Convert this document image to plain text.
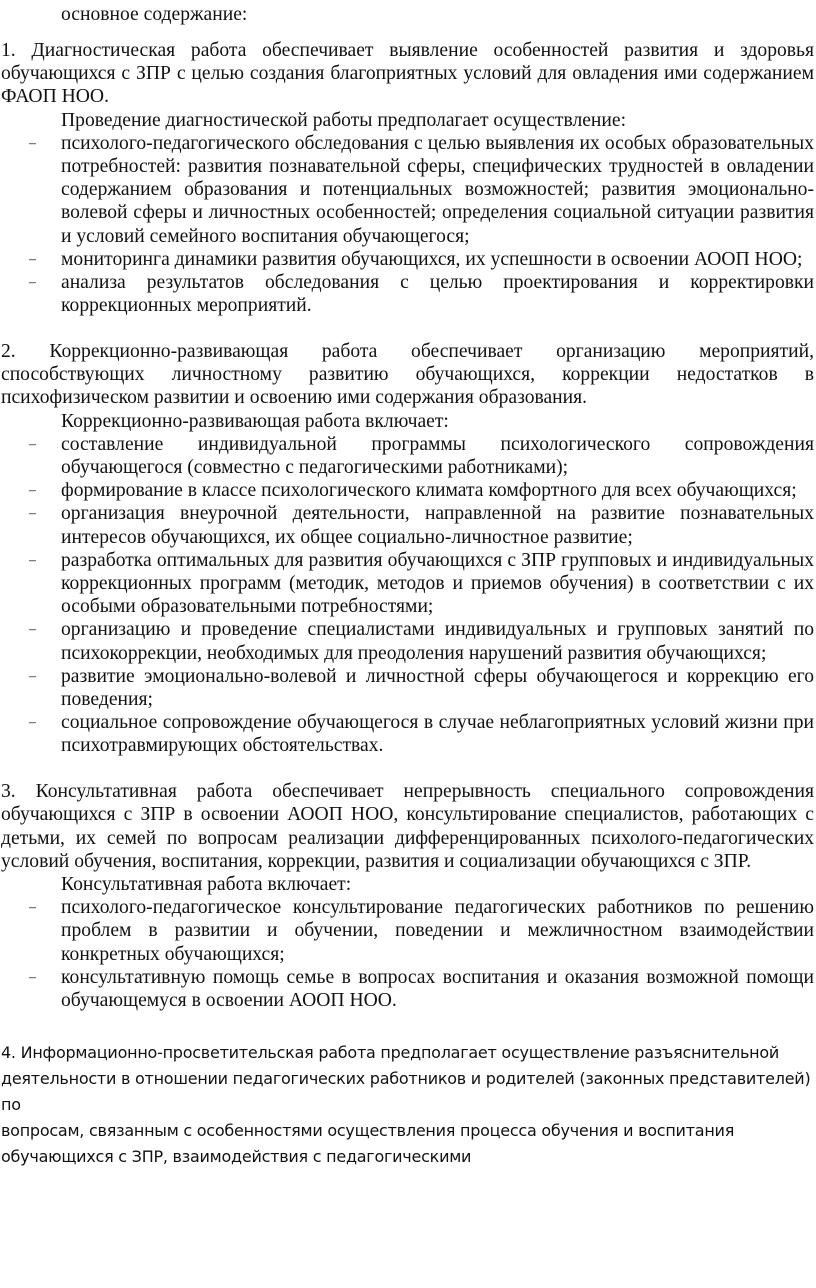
основное содержание:

1. Диагностическая работа обеспечивает выявление особенностей развития и здоровья обучающихся с ЗПР с целью создания благоприятных условий для овладения ими содержанием ФАОП НОО.

Проведение диагностической работы предполагает осуществление:

– психолого-педагогического обследования с целью выявления их особых образовательных потребностей: развития познавательной сферы, специфических трудностей в овладении содержанием образования и потенциальных возможностей; развития эмоционально-волевой сферы и личностных особенностей; определения социальной ситуации развития и условий семейного воспитания обучающегося;
– мониторинга динамики развития обучающихся, их успешности в освоении АООП НОО;
– анализа результатов обследования с целью проектирования и корректировки коррекционных мероприятий.

2. Коррекционно-развивающая работа обеспечивает организацию мероприятий, способствующих личностному развитию обучающихся, коррекции недостатков в психофизическом развитии и освоению ими содержания образования.

Коррекционно-развивающая работа включает:

– составление индивидуальной программы психологического сопровождения обучающегося (совместно с педагогическими работниками);
– формирование в классе психологического климата комфортного для всех обучающихся;
– организация внеурочной деятельности, направленной на развитие познавательных интересов обучающихся, их общее социально-личностное развитие;
– разработка оптимальных для развития обучающихся с ЗПР групповых и индивидуальных коррекционных программ (методик, методов и приемов обучения) в соответствии с их особыми образовательными потребностями;
– организацию и проведение специалистами индивидуальных и групповых занятий по психокоррекции, необходимых для преодоления нарушений развития обучающихся;
– развитие эмоционально-волевой и личностной сферы обучающегося и коррекцию его поведения;
– социальное сопровождение обучающегося в случае неблагоприятных условий жизни при психотравмирующих обстоятельствах.

3. Консультативная работа обеспечивает непрерывность специального сопровождения обучающихся с ЗПР в освоении АООП НОО, консультирование специалистов, работающих с детьми, их семей по вопросам реализации дифференцированных психолого-педагогических условий обучения, воспитания, коррекции, развития и социализации обучающихся с ЗПР.

Консультативная работа включает:

– психолого-педагогическое консультирование педагогических работников по решению проблем в развитии и обучении, поведении и межличностном взаимодействии конкретных обучающихся;
– консультативную помощь семье в вопросах воспитания и оказания возможной помощи обучающемуся в освоении АООП НОО.

4. Информационно-просветительская работа предполагает осуществление разъяснительной

деятельности в отношении педагогических работников и родителей (законных представителей) по

вопросам, связанным с особенностями осуществления процесса обучения и воспитания

обучающихся с ЗПР, взаимодействия с педагогическими
